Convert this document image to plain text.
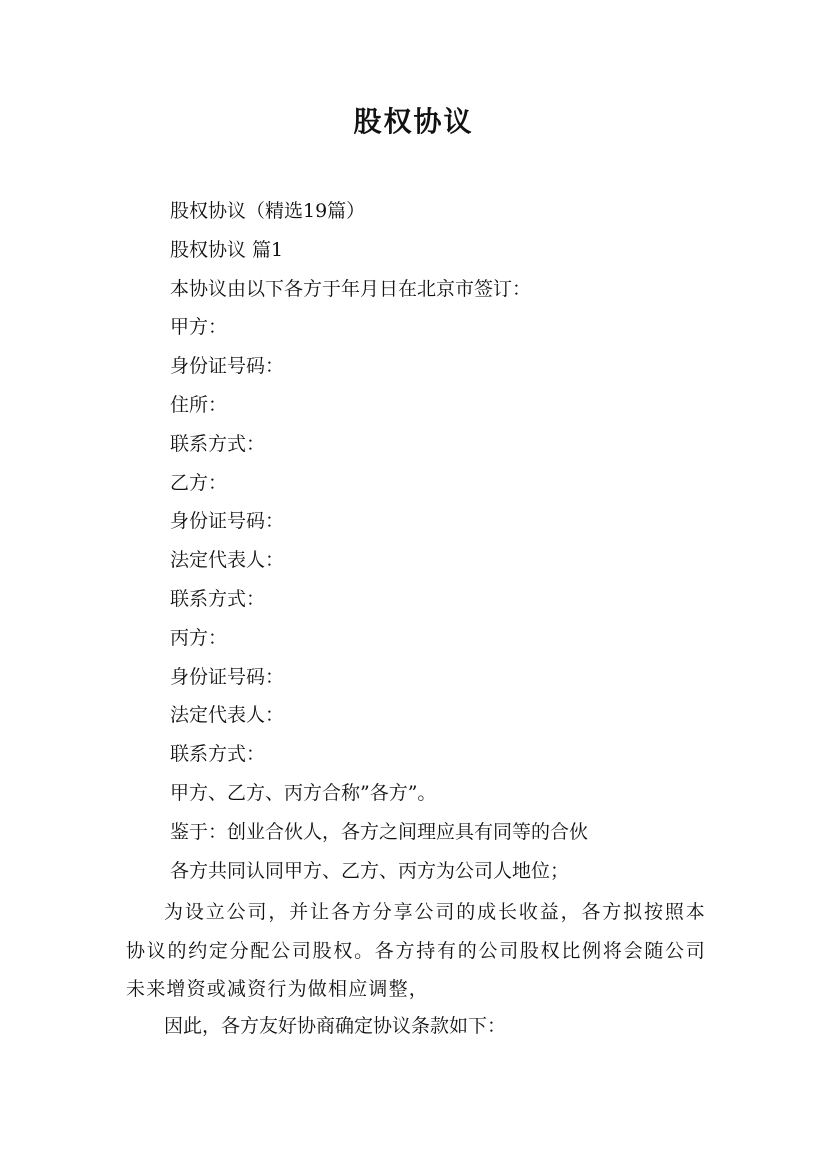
股权协议
股权协议（精选19篇）
股权协议 篇1
本协议由以下各方于年月日在北京市签订：
甲方：
身份证号码：
住所：
联系方式：
乙方：
身份证号码：
法定代表人：
联系方式：
丙方：
身份证号码：
法定代表人：
联系方式：
甲方、乙方、丙方合称”各方”。
鉴于：创业合伙人，各方之间理应具有同等的合伙
各方共同认同甲方、乙方、丙方为公司人地位；

为设立公司，并让各方分享公司的成长收益，各方拟按照本协议的约定分配公司股权。各方持有的公司股权比例将会随公司未来增资或减资行为做相应调整，

因此，各方友好协商确定协议条款如下：
